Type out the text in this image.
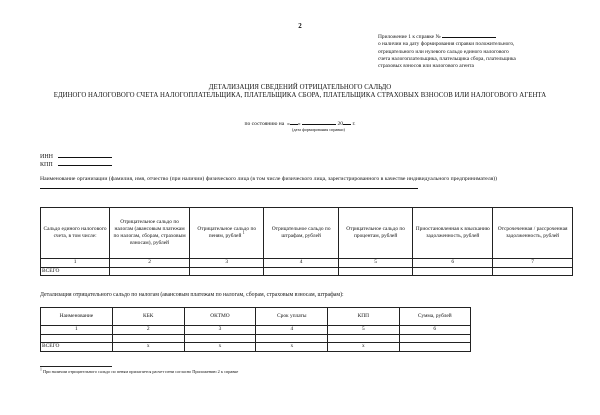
2
Приложение 1 к справке №
о наличии на дату формирования справки положительного,
отрицательного или нулевого сальдо единого налогового
счета налогоплательщика, плательщика сбора, плательщика
страховых взносов или налогового агента
ДЕТАЛИЗАЦИЯ СВЕДЕНИЙ ОТРИЦАТЕЛЬНОГО САЛЬДО
ЕДИНОГО НАЛОГОВОГО СЧЕТА НАЛОГОПЛАТЕЛЬЩИКА, ПЛАТЕЛЬЩИКА СБОРА, ПЛАТЕЛЬЩИКА СТРАХОВЫХ ВЗНОСОВ ИЛИ НАЛОГОВОГО АГЕНТА
по состоянию на « »	20 г.
(дата формирования справки)
ИНН
КПП
Наименование организации (фамилия, имя, отчество (при наличии) физического лица (в том числе физического лица, зарегистрированного в качестве индивидуального предпринимателя))
Сальдо единого налогового счета, в том числе:	Отрицательное сальдо по налогам (авансовым платежам по налогам, сборам, страховым взносам), рублей	Отрицательное сальдо по пеням, рублей $^1$	Отрицательное сальдо по штрафам, рублей	Отрицательное сальдо по процентам, рублей	Приостановленная к взысканию задолженность, рублей	Отсрочеченная / рассроченная задолженность, рублей
1	2	3	4	5	6	7
ВСЕГО						
Детализация отрицательного сальдо по налогам (авансовым платежам по налогам, сборам, страховым взносам, штрафам):
Наименование	КБК	ОКТМО	Срок уплаты	КПП	Сумма, рублей
1	2	3	4	5	6

ВСЕГО	x	x	x	x	
$^1$ При наличии отрицательного сальдо по пеням прилагается расчет пени согласно Приложению 2 к справке
